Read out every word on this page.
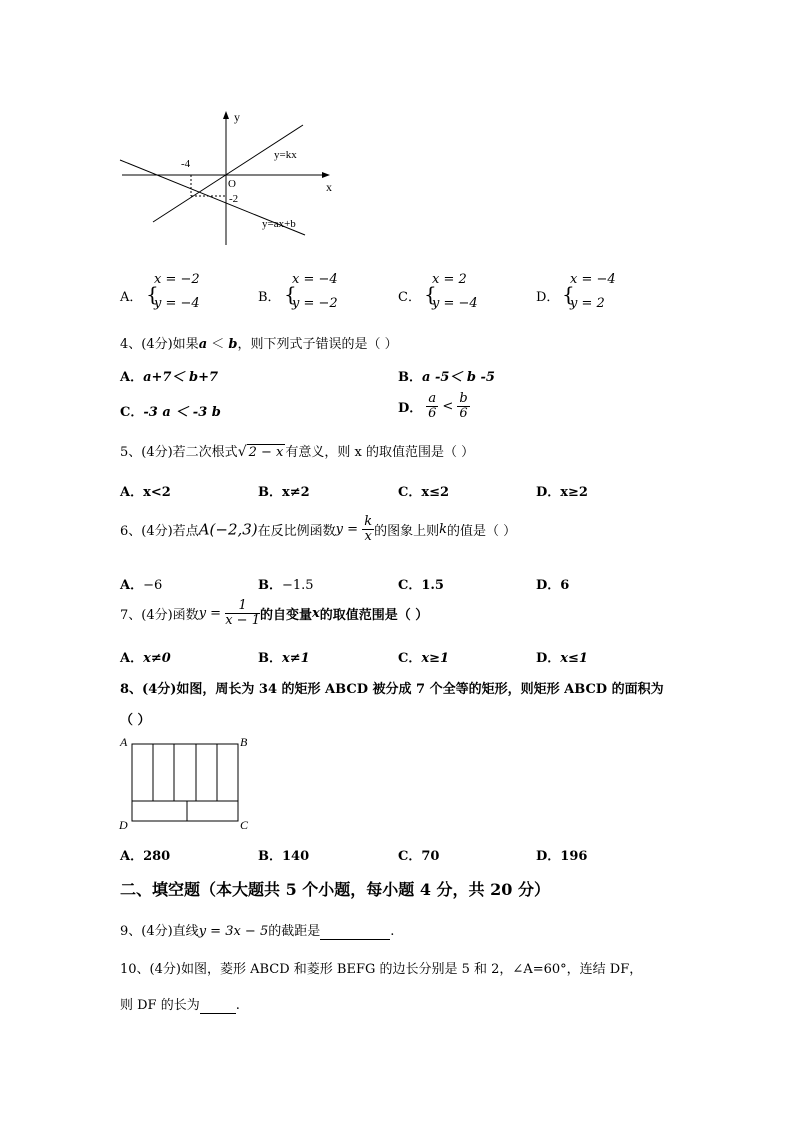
y
x
O
-4
-2
y=kx
y=ax+b
A． {
x = −2
y = −4	B． {
x = −4
y = −2	C． {
x = 2
y = −4	D． {
x = −4
y = 2
4、(4分)如果a ＜ b，则下列式子错误的是（ ）
A．a+7＜ b+7	B．a -5＜ b -5
C．-3 a ＜ -3 b	D． $\frac{a}{6} < \frac{b}{6}$
5、(4分)若二次根式√ 2 − x 有意义，则 x 的取值范围是（ ）
A．x<2	B．x≠2	C．x≤2	D．x≥2
6、(4分)若点A(−2,3)在反比例函数$y = \frac{k}{x}$ 的图象上则k的值是（ ）
A．−6	B．−1.5	C．1.5	D．6
7、(4分)函数$y = \frac{1}{x - 1}$ 的自变量x的取值范围是（ ）
A．x≠0	B．x≠1	C．x≥1	D．x≤1
8、(4分)如图，周长为 34 的矩形 ABCD 被分成 7 个全等的矩形，则矩形 ABCD 的面积为
（ ）
A	B
D	C
A．280	B．140	C．70	D．196
二、填空题（本大题共 5 个小题，每小题 4 分，共 20 分）
9、(4分)直线y = 3x − 5的截距是	.
10、(4分)如图，菱形 ABCD 和菱形 BEFG 的边长分别是 5 和 2，∠A=60°，连结 DF，
则 DF 的长为	.
